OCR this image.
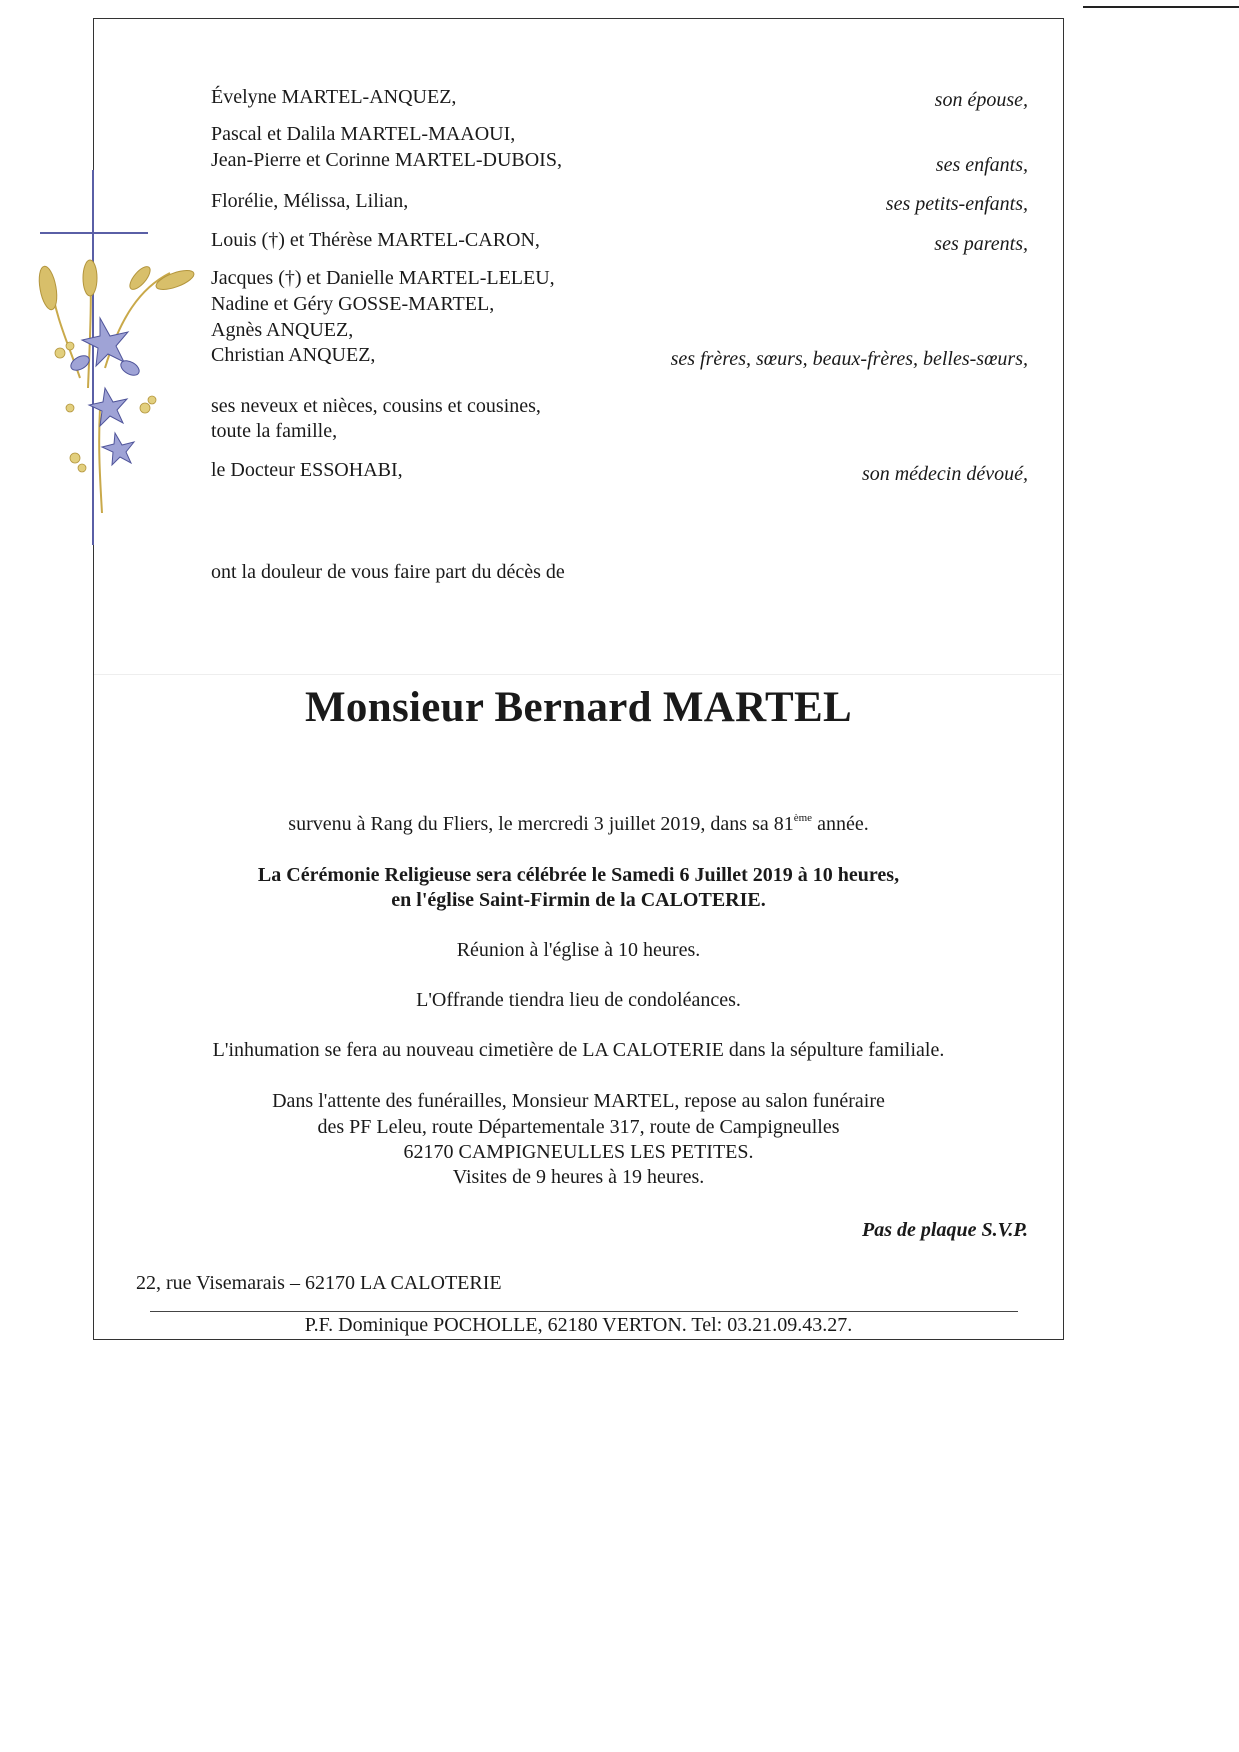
Évelyne MARTEL-ANQUEZ,	son épouse,
Pascal et Dalila MARTEL-MAAOUI,
Jean-Pierre et Corinne MARTEL-DUBOIS,	ses enfants,
Florélie, Mélissa, Lilian,	ses petits-enfants,
Louis (†) et Thérèse MARTEL-CARON,	ses parents,
Jacques (†) et Danielle MARTEL-LELEU,
Nadine et Géry GOSSE-MARTEL,
Agnès ANQUEZ,
Christian ANQUEZ,	ses frères, sœurs, beaux-frères, belles-sœurs,
ses neveux et nièces, cousins et cousines,
toute la famille,
le Docteur ESSOHABI,	son médecin dévoué,
ont la douleur de vous faire part du décès de
Monsieur Bernard MARTEL
survenu à Rang du Fliers, le mercredi 3 juillet 2019, dans sa 81ème année.
La Cérémonie Religieuse sera célébrée le Samedi 6 Juillet 2019 à 10 heures,
en l'église Saint-Firmin de la CALOTERIE.
Réunion à l'église à 10 heures.
L'Offrande tiendra lieu de condoléances.
L'inhumation se fera au nouveau cimetière de LA CALOTERIE dans la sépulture familiale.
Dans l'attente des funérailles, Monsieur MARTEL, repose au salon funéraire
des PF Leleu, route Départementale 317, route de Campigneulles
62170 CAMPIGNEULLES LES PETITES.
Visites de 9 heures à 19 heures.
Pas de plaque S.V.P.
22, rue Visemarais – 62170 LA CALOTERIE
P.F. Dominique POCHOLLE, 62180 VERTON. Tel: 03.21.09.43.27.
